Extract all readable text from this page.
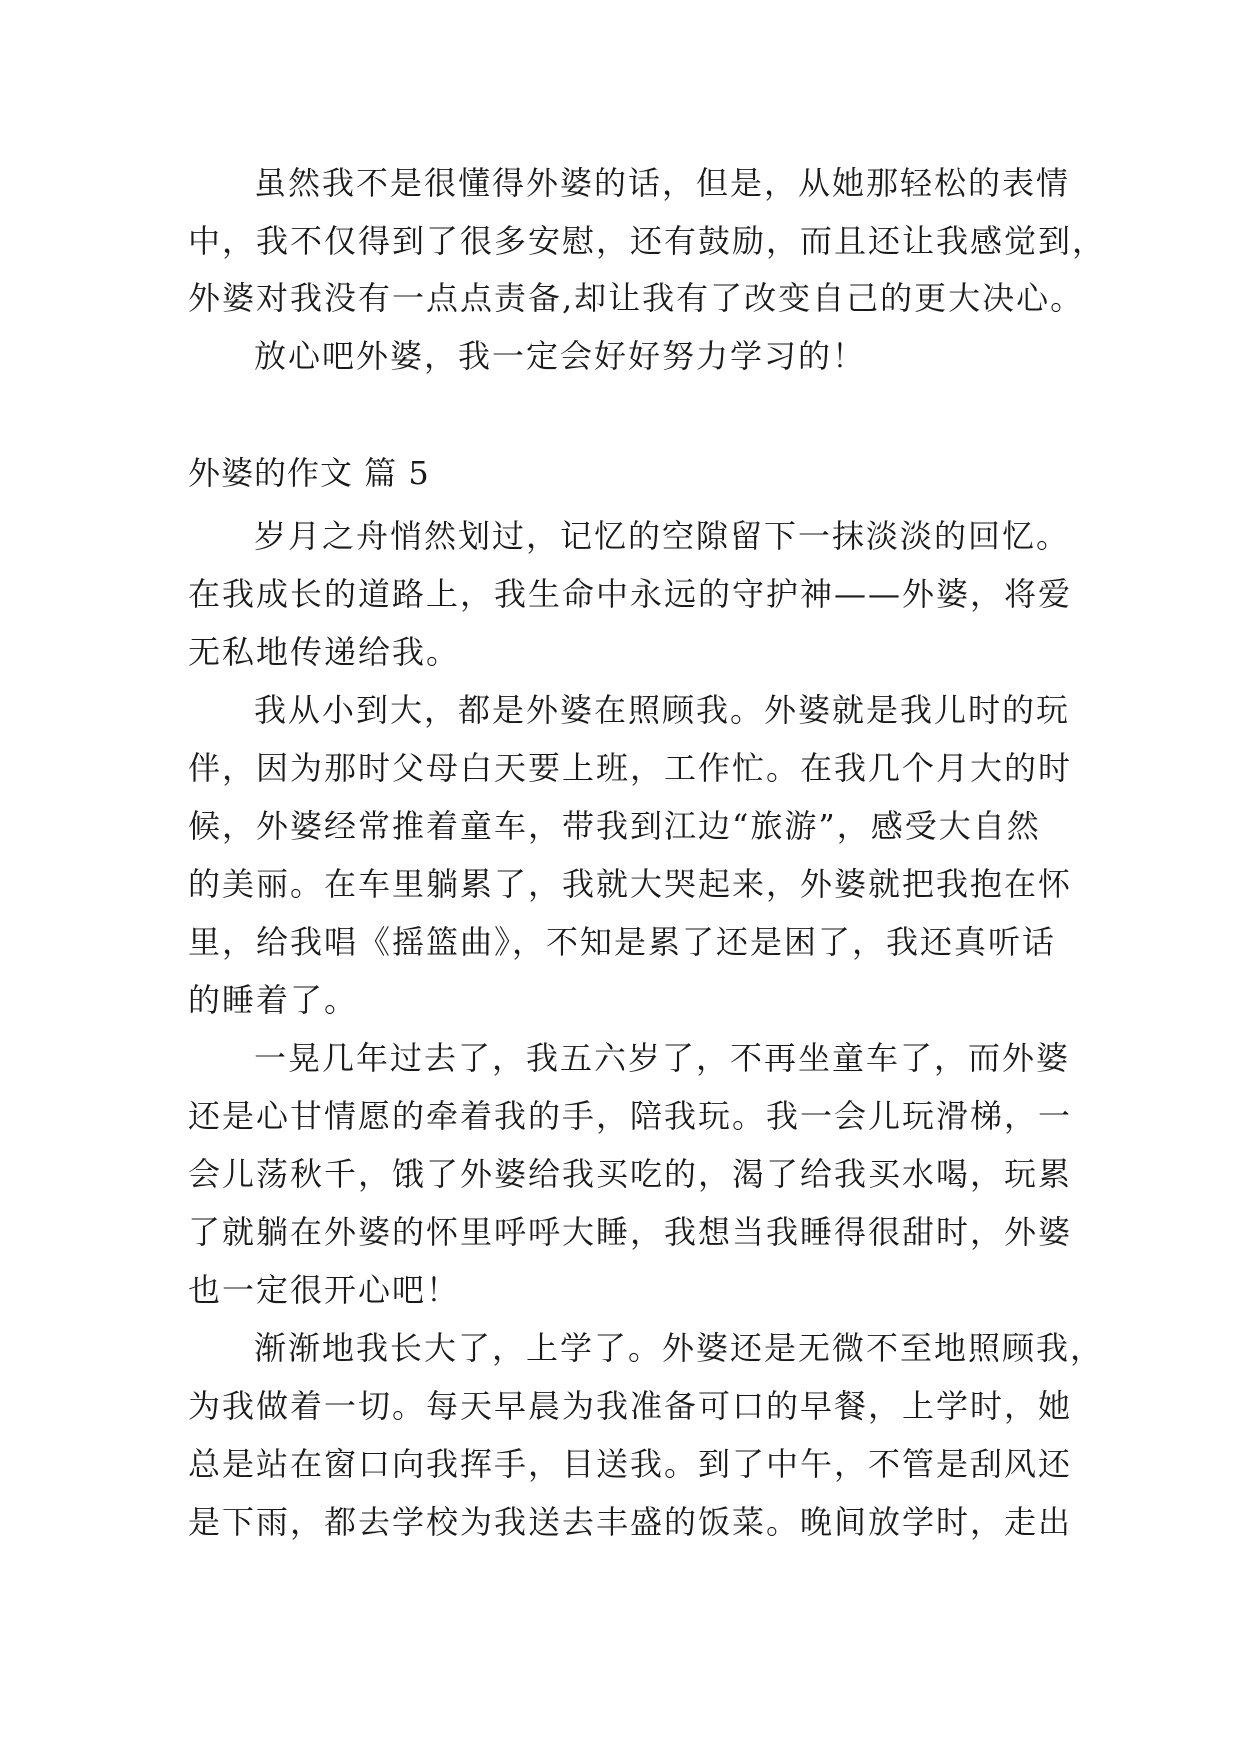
虽然我不是很懂得外婆的话，但是，从她那轻松的表情
中，我不仅得到了很多安慰，还有鼓励，而且还让我感觉到，
外婆对我没有一点点责备,却让我有了改变自己的更大决心。
放心吧外婆，我一定会好好努力学习的！
外婆的作文 篇 5
岁月之舟悄然划过，记忆的空隙留下一抹淡淡的回忆。
在我成长的道路上，我生命中永远的守护神——外婆，将爱
无私地传递给我。
我从小到大，都是外婆在照顾我。外婆就是我儿时的玩
伴，因为那时父母白天要上班，工作忙。在我几个月大的时
候，外婆经常推着童车，带我到江边“旅游”，感受大自然
的美丽。在车里躺累了，我就大哭起来，外婆就把我抱在怀
里，给我唱《摇篮曲》，不知是累了还是困了，我还真听话
的睡着了。
一晃几年过去了，我五六岁了，不再坐童车了，而外婆
还是心甘情愿的牵着我的手，陪我玩。我一会儿玩滑梯，一
会儿荡秋千，饿了外婆给我买吃的，渴了给我买水喝，玩累
了就躺在外婆的怀里呼呼大睡，我想当我睡得很甜时，外婆
也一定很开心吧！
渐渐地我长大了，上学了。外婆还是无微不至地照顾我，
为我做着一切。每天早晨为我准备可口的早餐，上学时，她
总是站在窗口向我挥手，目送我。到了中午，不管是刮风还
是下雨，都去学校为我送去丰盛的饭菜。晚间放学时，走出
